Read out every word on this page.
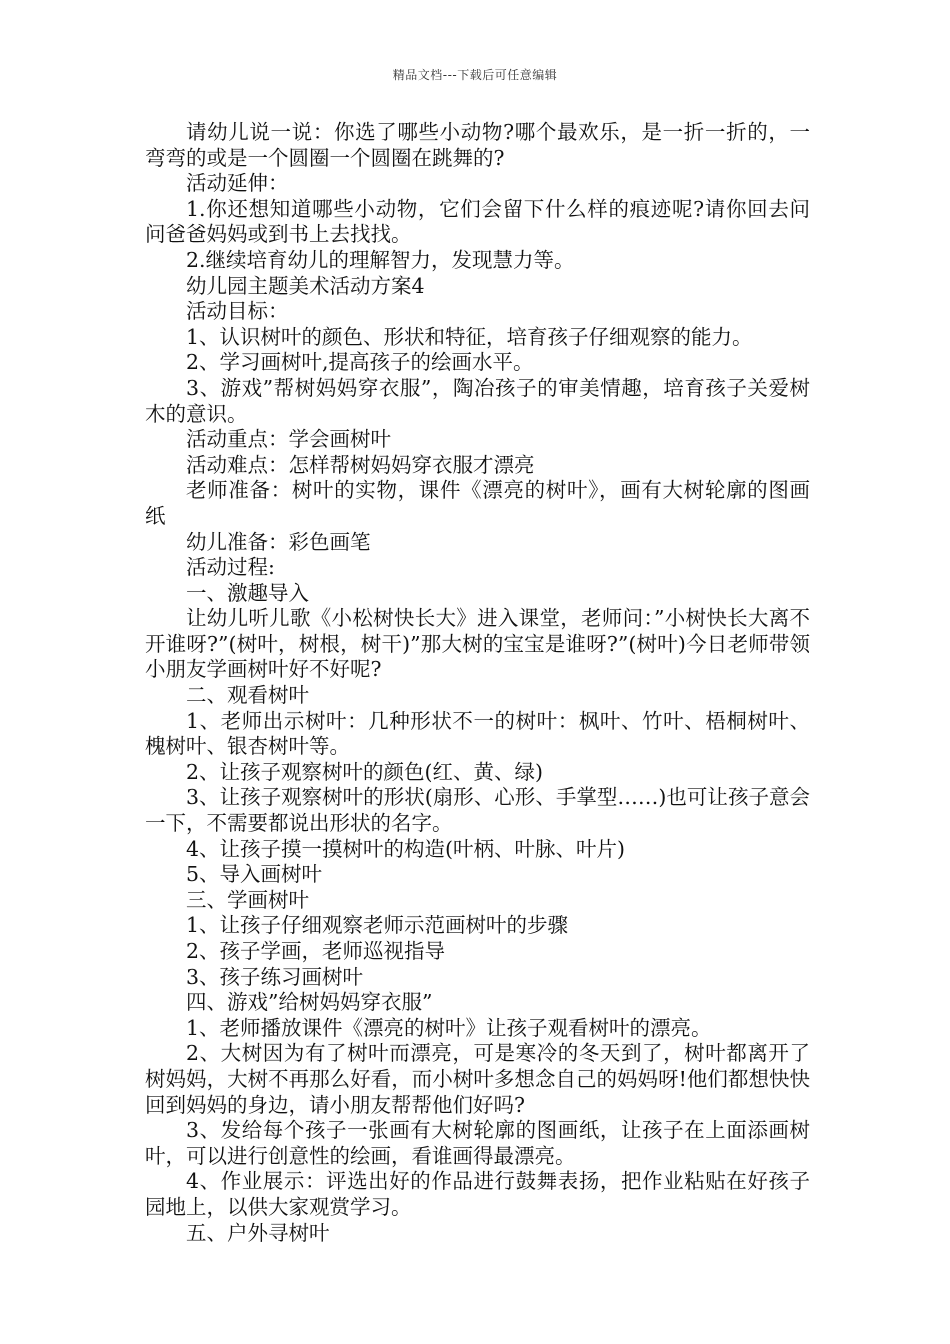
精品文档---下载后可任意编辑

请幼儿说一说：你选了哪些小动物?哪个最欢乐，是一折一折的，一弯弯的或是一个圆圈一个圆圈在跳舞的?

活动延伸：

1.你还想知道哪些小动物，它们会留下什么样的痕迹呢?请你回去问问爸爸妈妈或到书上去找找。

2.继续培育幼儿的理解智力，发现慧力等。

幼儿园主题美术活动方案4

活动目标：

1、认识树叶的颜色、形状和特征，培育孩子仔细观察的能力。

2、学习画树叶,提高孩子的绘画水平。

3、游戏”帮树妈妈穿衣服”，陶冶孩子的审美情趣，培育孩子关爱树木的意识。

活动重点：学会画树叶

活动难点：怎样帮树妈妈穿衣服才漂亮

老师准备：树叶的实物，课件《漂亮的树叶》，画有大树轮廓的图画纸

幼儿准备：彩色画笔

活动过程:

一、激趣导入

让幼儿听儿歌《小松树快长大》进入课堂，老师问：”小树快长大离不开谁呀?”(树叶，树根，树干)”那大树的宝宝是谁呀?”(树叶)今日老师带领小朋友学画树叶好不好呢?

二、观看树叶

1、老师出示树叶：几种形状不一的树叶：枫叶、竹叶、梧桐树叶、槐树叶、银杏树叶等。

2、让孩子观察树叶的颜色(红、黄、绿)

3、让孩子观察树叶的形状(扇形、心形、手掌型……)也可让孩子意会一下，不需要都说出形状的名字。

4、让孩子摸一摸树叶的构造(叶柄、叶脉、叶片)

5、导入画树叶

三、学画树叶

1、让孩子仔细观察老师示范画树叶的步骤

2、孩子学画，老师巡视指导

3、孩子练习画树叶

四、游戏”给树妈妈穿衣服”

1、老师播放课件《漂亮的树叶》让孩子观看树叶的漂亮。

2、大树因为有了树叶而漂亮，可是寒冷的冬天到了，树叶都离开了树妈妈，大树不再那么好看，而小树叶多想念自己的妈妈呀!他们都想快快回到妈妈的身边，请小朋友帮帮他们好吗?

3、发给每个孩子一张画有大树轮廓的图画纸，让孩子在上面添画树叶，可以进行创意性的绘画，看谁画得最漂亮。

4、作业展示：评选出好的作品进行鼓舞表扬，把作业粘贴在好孩子园地上，以供大家观赏学习。

五、户外寻树叶
